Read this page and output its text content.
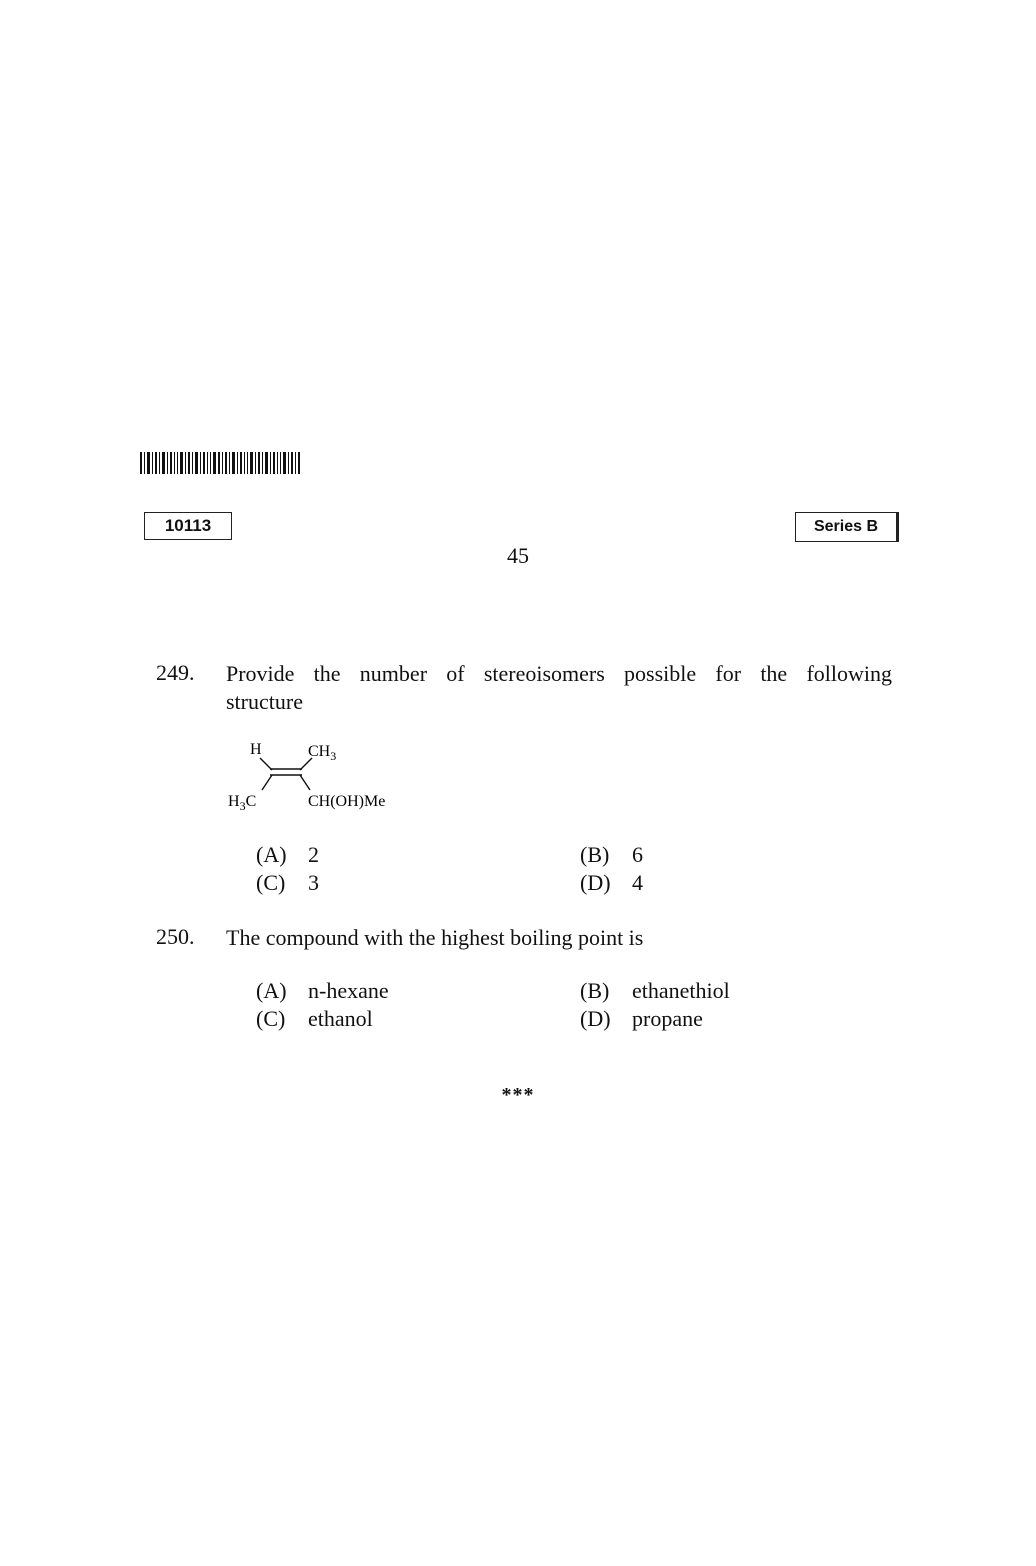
10113	Series B
45
249. Provide the number of stereoisomers possible for the following
structure
H	$CH_3$
$H_3C$	CH(OH)Me
(A) 2	(B) 6
(C) 3	(D) 4
250. The compound with the highest boiling point is
(A) n-hexane	(B) ethanethiol
(C) ethanol	(D) propane
***
